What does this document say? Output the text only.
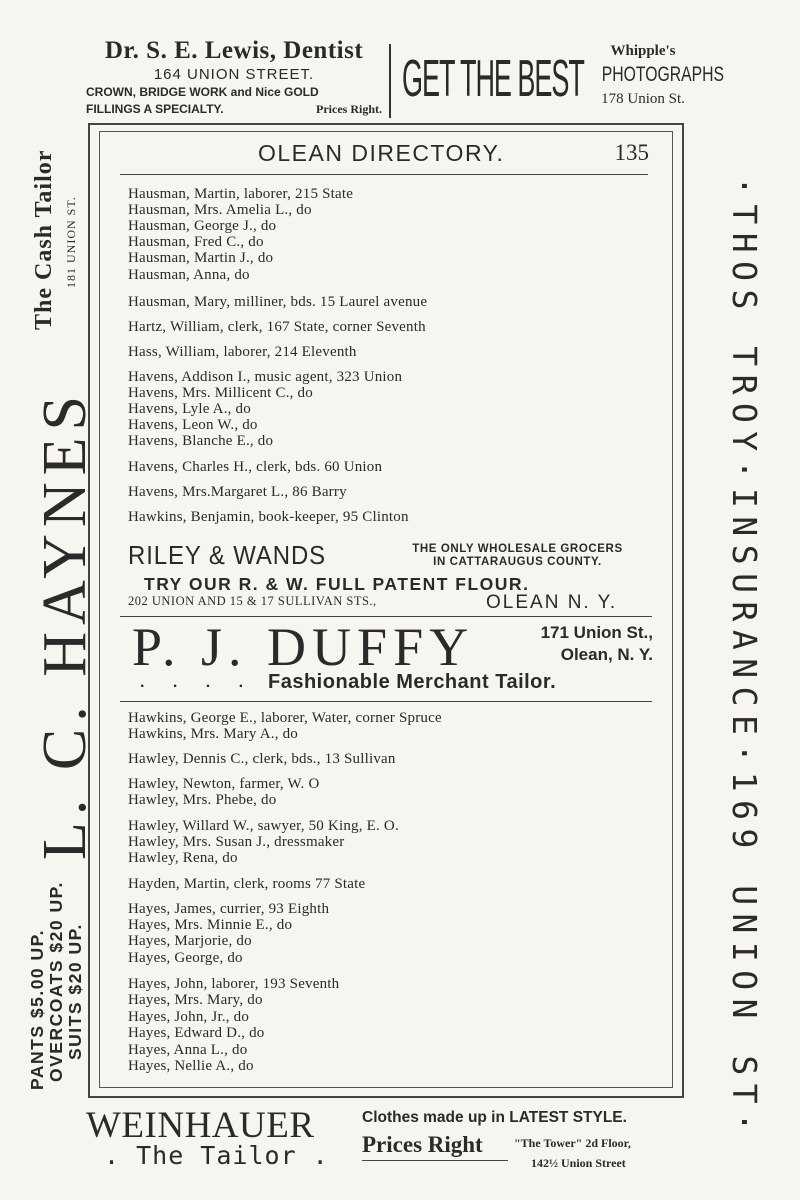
Dr. S. E. Lewis, Dentist
164 UNION STREET.
CROWN, BRIDGE WORK and Nice GOLD
FILLINGS A SPECIALTY.	Prices Right.
GET THE BEST	Whipple's
PHOTOGRAPHS
178 Union St.
OLEAN DIRECTORY.	135
Hausman, Martin, laborer, 215 State
Hausman, Mrs. Amelia L., do
Hausman, George J., do
Hausman, Fred C., do
Hausman, Martin J., do
Hausman, Anna, do
Hausman, Mary, milliner, bds. 15 Laurel avenue
Hartz, William, clerk, 167 State, corner Seventh
Hass, William, laborer, 214 Eleventh
Havens, Addison I., music agent, 323 Union
Havens, Mrs. Millicent C., do
Havens, Lyle A., do
Havens, Leon W., do
Havens, Blanche E., do
Havens, Charles H., clerk, bds. 60 Union
Havens, Mrs.Margaret L., 86 Barry
Hawkins, Benjamin, book-keeper, 95 Clinton
RILEY & WANDS	THE ONLY WHOLESALE GROCERS
IN CATTARAUGUS COUNTY.
TRY OUR R. & W. FULL PATENT FLOUR.
202 UNION AND 15 & 17 SULLIVAN STS.,	OLEAN N. Y.
P. J. DUFFY	171 Union St.,
Olean, N. Y.
. . . . Fashionable Merchant Tailor.
Hawkins, George E., laborer, Water, corner Spruce
Hawkins, Mrs. Mary A., do
Hawley, Dennis C., clerk, bds., 13 Sullivan
Hawley, Newton, farmer, W. O
Hawley, Mrs. Phebe, do
Hawley, Willard W., sawyer, 50 King, E. O.
Hawley, Mrs. Susan J., dressmaker
Hawley, Rena, do
Hayden, Martin, clerk, rooms 77 State
Hayes, James, currier, 93 Eighth
Hayes, Mrs. Minnie E., do
Hayes, Marjorie, do
Hayes, George, do
Hayes, John, laborer, 193 Seventh
Hayes, Mrs. Mary, do
Hayes, John, Jr., do
Hayes, Edward D., do
Hayes, Anna L., do
Hayes, Nellie A., do
L. C. HAYNES
The Cash Tailor 181 UNION ST.
PANTS $5.00 UP. OVERCOATS $20 UP. SUITS $20 UP.	·THOS TROY·INSURANCE·169 UNION ST·
WEINHAUER
. The Tailor .
Clothes made up in LATEST STYLE.
Prices Right	"The Tower" 2d Floor,
142½ Union Street
